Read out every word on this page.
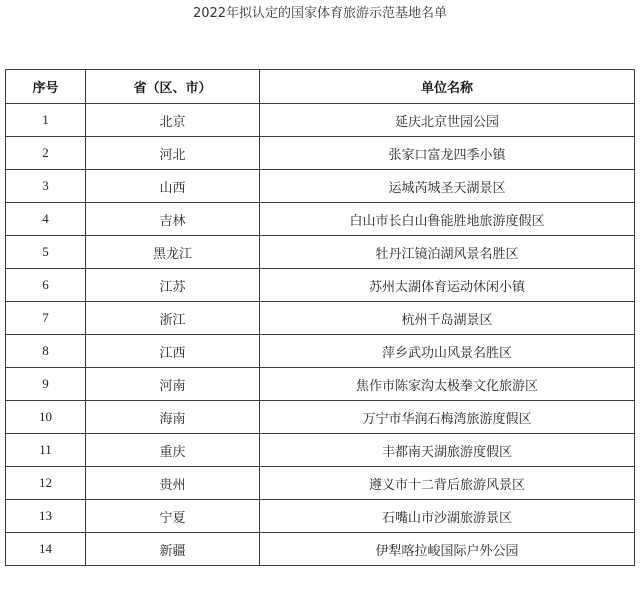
2022年拟认定的国家体育旅游示范基地名单
序号	省（区、市）	单位名称
1	北京	延庆北京世园公园
2	河北	张家口富龙四季小镇
3	山西	运城芮城圣天湖景区
4	吉林	白山市长白山鲁能胜地旅游度假区
5	黑龙江	牡丹江镜泊湖风景名胜区
6	江苏	苏州太湖体育运动休闲小镇
7	浙江	杭州千岛湖景区
8	江西	萍乡武功山风景名胜区
9	河南	焦作市陈家沟太极拳文化旅游区
10	海南	万宁市华润石梅湾旅游度假区
11	重庆	丰都南天湖旅游度假区
12	贵州	遵义市十二背后旅游风景区
13	宁夏	石嘴山市沙湖旅游景区
14	新疆	伊犁喀拉峻国际户外公园
